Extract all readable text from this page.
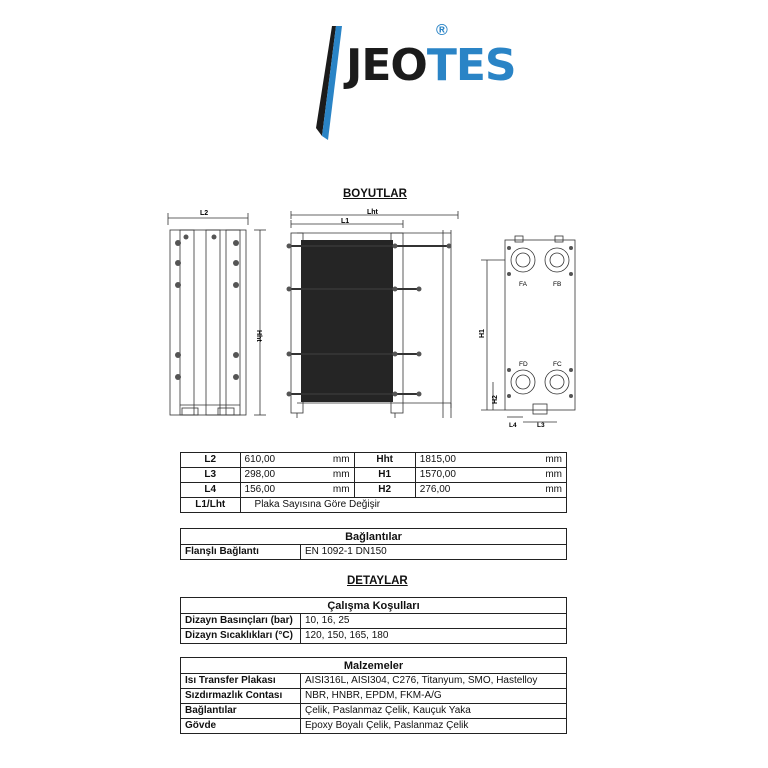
JEOTES
®
BOYUTLAR
L2
Hht
Lht
L1
FA	FB
FD	FC
H1
H2
L4	L3
L2	610,00	mm	Hht	1815,00	mm
L3	298,00	mm	H1	1570,00	mm
L4	156,00	mm	H2	276,00	mm
L1/Lht	Plaka Sayısına Göre Değişir				
Bağlantılar
Flanşlı Bağlantı	EN 1092-1 DN150
DETAYLAR
Çalışma Koşulları	
Dizayn Basınçları (bar)	10, 16, 25
Dizayn Sıcaklıkları (°C)	120, 150, 165, 180
Malzemeler	
Isı Transfer Plakası	AISI316L, AISI304, C276, Titanyum, SMO, Hastelloy
Sızdırmazlık Contası	NBR, HNBR, EPDM, FKM-A/G
Bağlantılar	Çelik, Paslanmaz Çelik, Kauçuk Yaka
Gövde	Epoxy Boyalı Çelik, Paslanmaz Çelik
